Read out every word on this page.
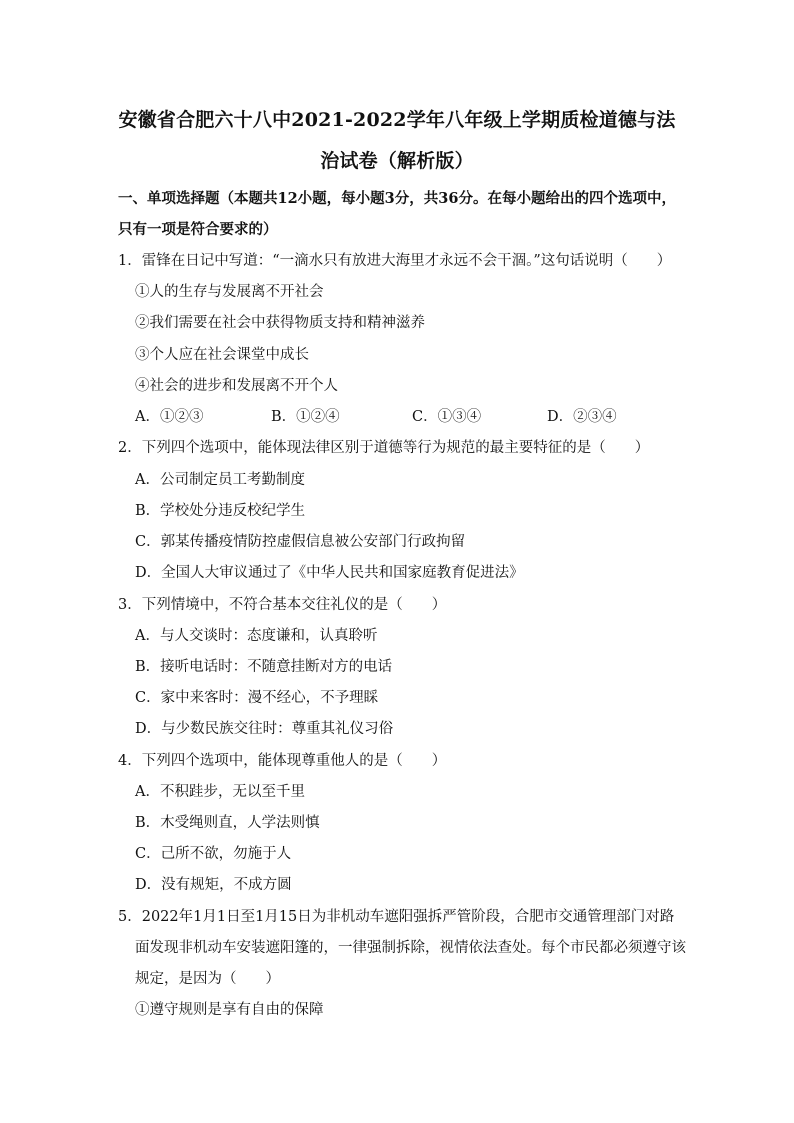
安徽省合肥六十八中2021-2022学年八年级上学期质检道德与法
治试卷（解析版）
一、单项选择题（本题共12小题，每小题3分，共36分。在每小题给出的四个选项中，
只有一项是符合要求的）
1．雷锋在日记中写道：“一滴水只有放进大海里才永远不会干涸。”这句话说明（　　）
①人的生存与发展离不开社会
②我们需要在社会中获得物质支持和精神滋养
③个人应在社会课堂中成长
④社会的进步和发展离不开个人
A．①②③	B．①②④	C．①③④	D．②③④
2．下列四个选项中，能体现法律区别于道德等行为规范的最主要特征的是（　　）
A．公司制定员工考勤制度
B．学校处分违反校纪学生
C．郭某传播疫情防控虚假信息被公安部门行政拘留
D．全国人大审议通过了《中华人民共和国家庭教育促进法》
3．下列情境中，不符合基本交往礼仪的是（　　）
A．与人交谈时：态度谦和，认真聆听
B．接听电话时：不随意挂断对方的电话
C．家中来客时：漫不经心，不予理睬
D．与少数民族交往时：尊重其礼仪习俗
4．下列四个选项中，能体现尊重他人的是（　　）
A．不积跬步，无以至千里
B．木受绳则直，人学法则慎
C．己所不欲，勿施于人
D．没有规矩，不成方圆
5．2022年1月1日至1月15日为非机动车遮阳强拆严管阶段，合肥市交通管理部门对路
面发现非机动车安装遮阳篷的，一律强制拆除，视情依法查处。每个市民都必须遵守该
规定，是因为（　　）
①遵守规则是享有自由的保障
